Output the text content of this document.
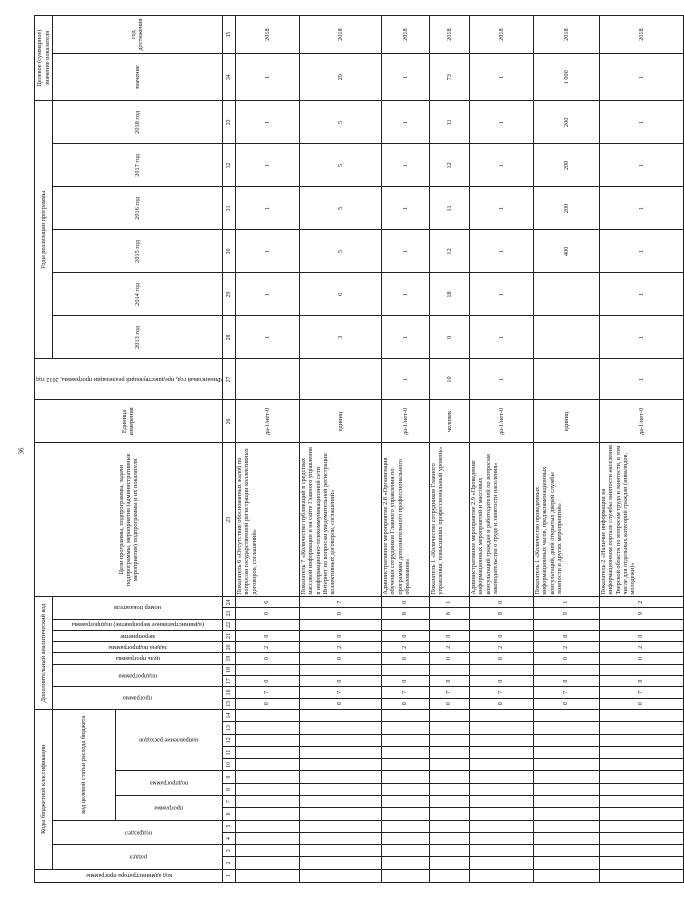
36
код администратора программы	Коды бюджетной классификации													Дополнительный аналитический код										Цели программы, подпрограммы, задачи подпрограммы, мероприятия (административные мероприятия) подпрограммы и их показатели	Единица измерения	Финансовый год, предшествующий реализации программы, 2012 год	Годы реализации программы						Целевое (суммарное) значение показателя	
	раздел		подраздел		код целевой статьи расхода бюджета									программа		подпрограмма		цель программы	задача подпрограммы	мероприятие	(административное мероприятие) подпрограммы	номер показателя					2013 год	2014 год	2015 год	2016 год	2017 год	2018 год	значение	год достижения
					программа		подпрограмма		направление расходов																									
1	2	3	4	5	6	7	8	9	10	11	12	13	14	15	16	17	18	19	20	21	22	23	24	25	26	27	28	29	30	31	32	33	34	35
														0	7	0		0	2	0		0	6	Показатель 6 «Отсутствие обоснованных жалоб по вопросам государственной регистрации коллективных договоров, соглашений»	да-1/нет-0		1	1	1	1	1	1	1	2018
														0	7	0		0	2	0		0	7	Показатель 7 «Количество публикаций в средствах массовой информации и на сайте Главного управления в информационно-телекоммуникационной сети Интернет по вопросам уведомительной регистрации коллективных договоров, соглашений»	единиц		3	6	5	5	5	5	29	2018
														0	7	0		0	2	0		8	0	Административное мероприятие 2.8 «Организация обучения сотрудников Главного управления по программам дополнительного профессионального образования»	да-1/нет-0	1	1	1	1	1	1	1	1	2018
														0	7	0		0	2	0		8	1	Показатель 1 «Количество сотрудников Главного управления, повысивших профессиональный уровень»	человек	10	9	18	12	11	12	11	73	2018
														0	7	0		0	2	0		9	0	Административное мероприятие 2.9 «Проведение информационных мероприятий и массовых консультаций граждан и работодателей по вопросам законодательства о труде и занятости населения»	да-1/нет-0	1	1	1	1	1	1	1	1	2018
														0	7	0		0	2	0		9	1	Показатель 1 «Количество проведенных информационных часов, предэкзаменационных консультаций, дней открытых дверей службы занятости и других мероприятий»	единиц				400	200	200	200	1 000	2018
														0	7	0		0	2	0		9	2	Показатель 2 «Наличие информации на информационном портале службы занятости населения Тверской области по вопросам труда и занятости, в том числе для отдельных категорий граждан (инвалидов, молодежи)»	да-1/нет-0	1	1	1	1	1	1	1	1	2018
